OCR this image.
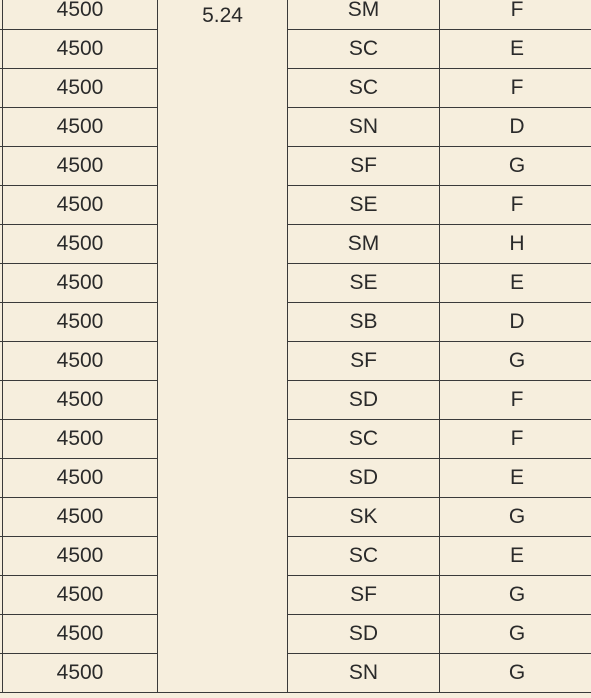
	4500	5.24	SM	F
	4500		SC	E
	4500		SC	F
	4500		SN	D
	4500		SF	G
	4500		SE	F
	4500		SM	H
	4500		SE	E
	4500		SB	D
	4500		SF	G
	4500		SD	F
	4500		SC	F
	4500		SD	E
	4500		SK	G
	4500		SC	E
	4500		SF	G
	4500		SD	G
	4500		SN	G
